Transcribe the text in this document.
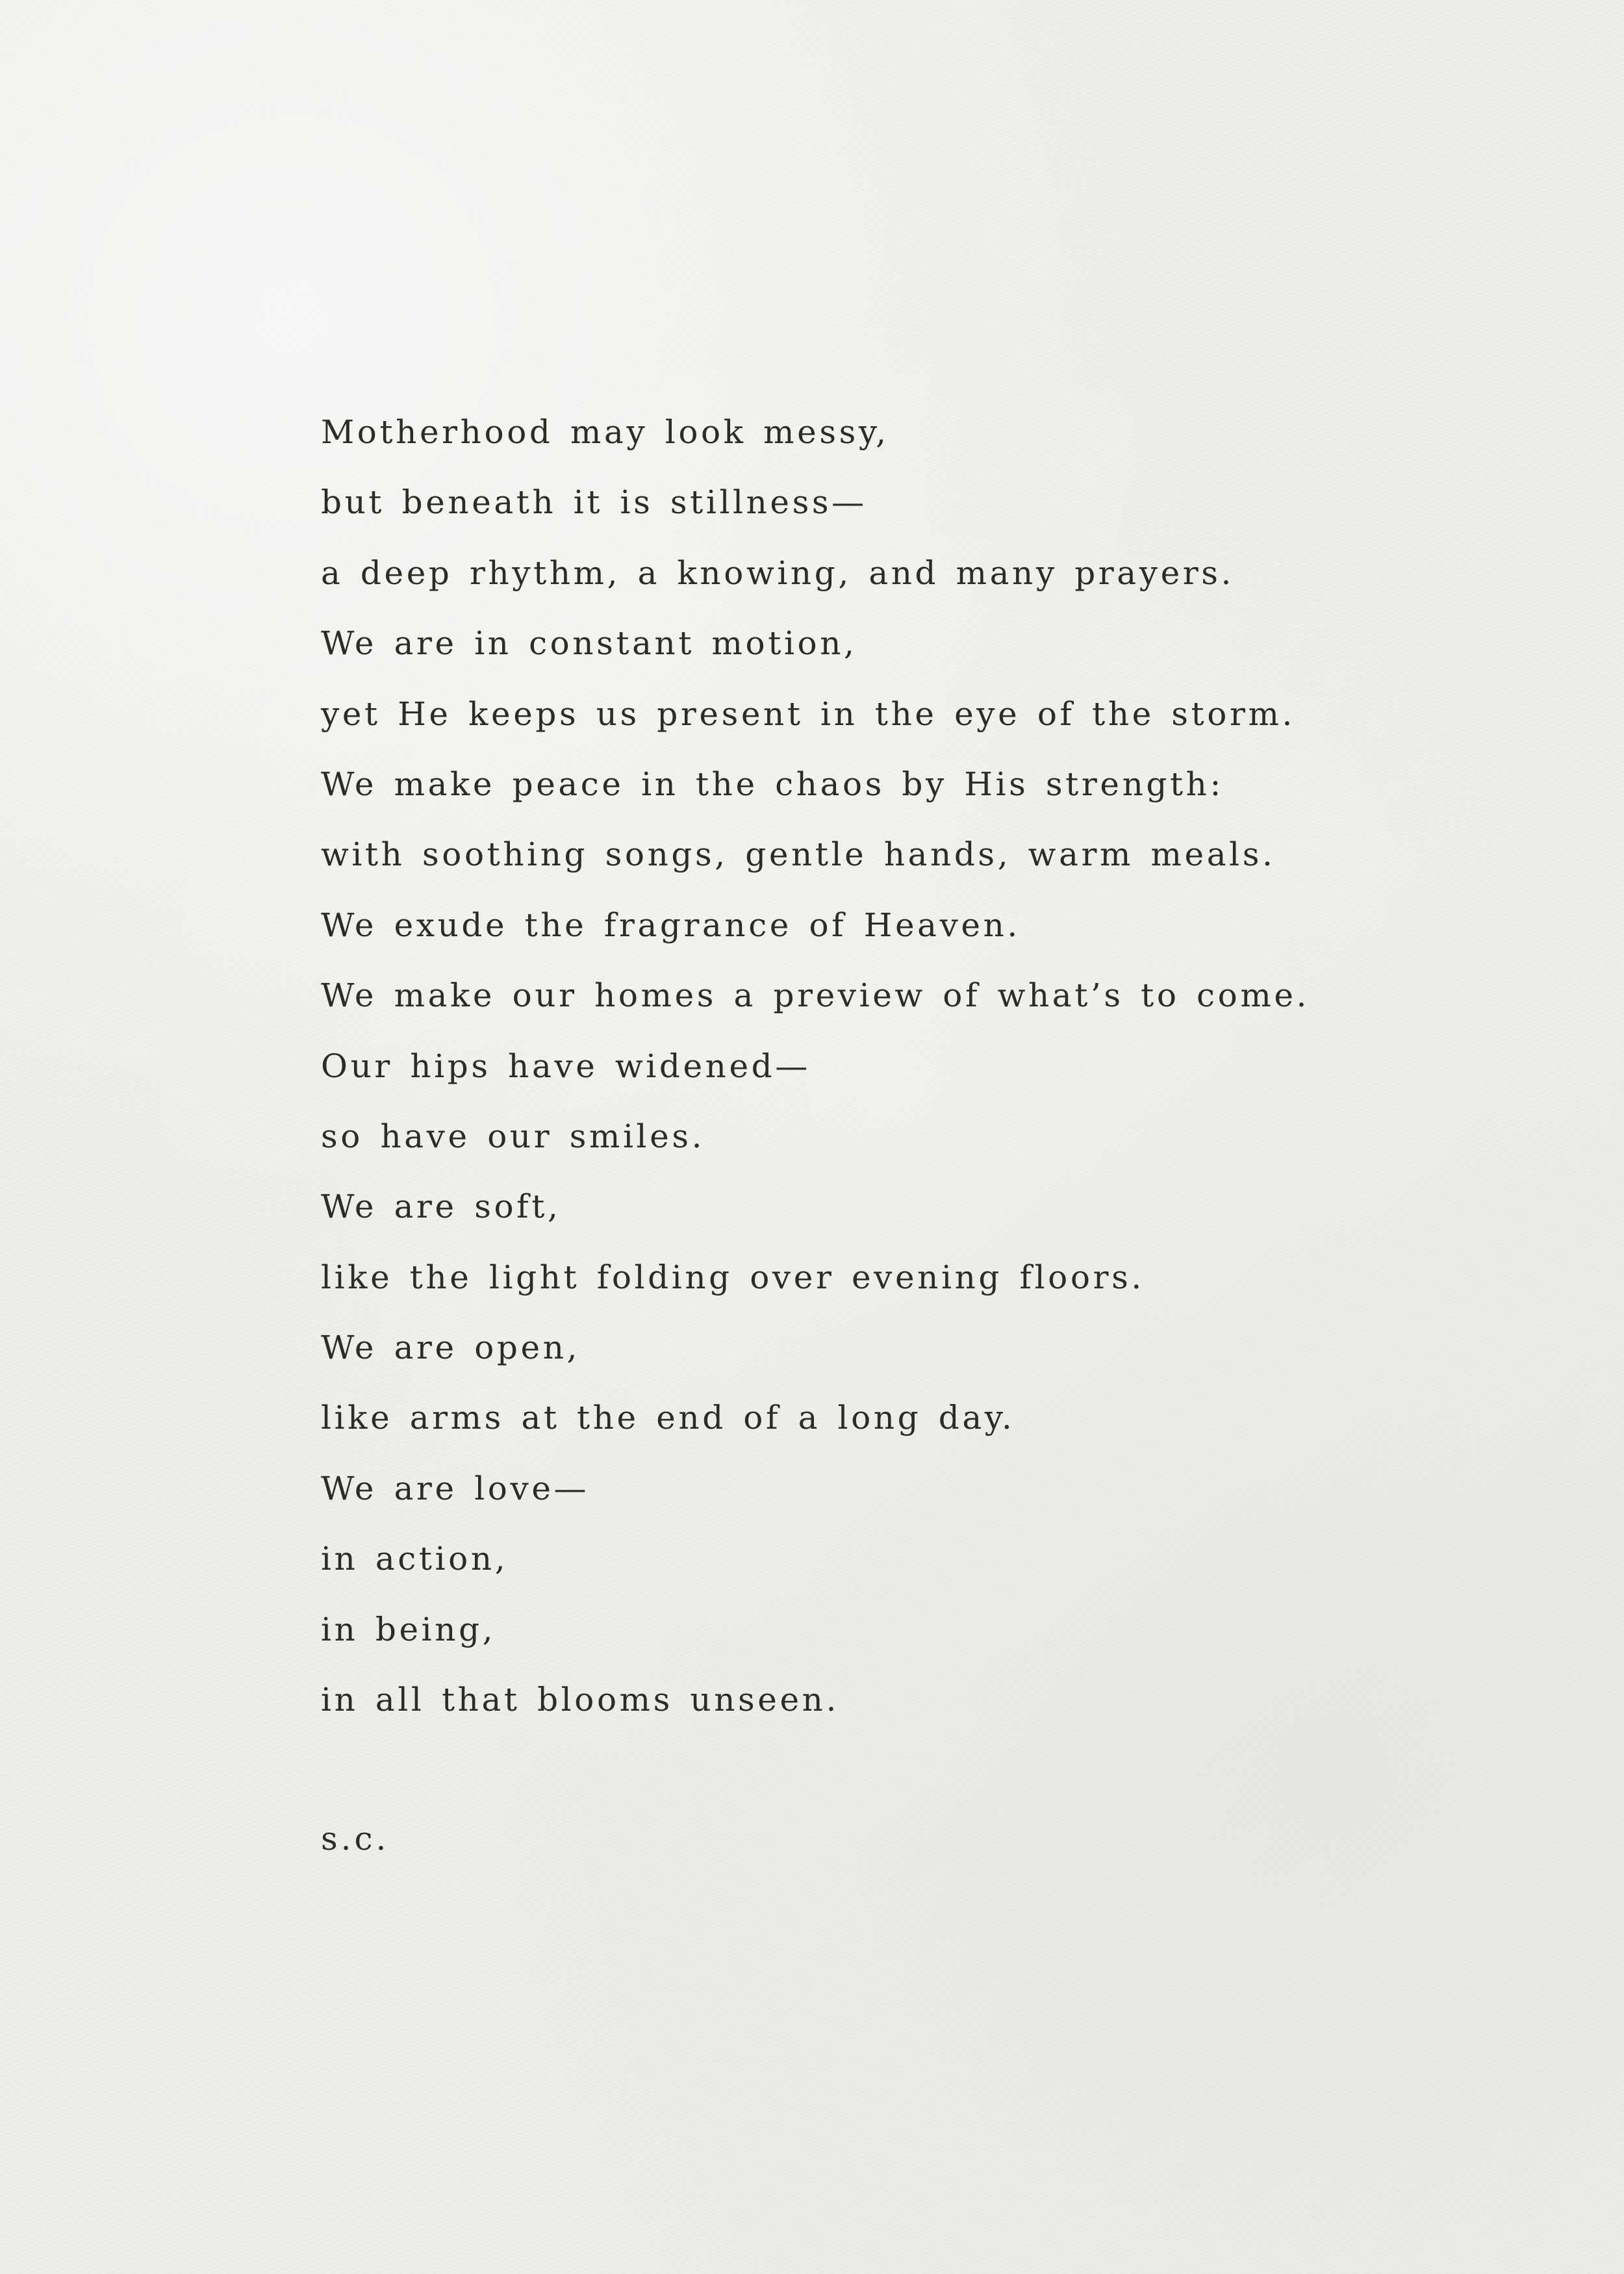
Motherhood may look messy,
but beneath it is stillness—
a deep rhythm, a knowing, and many prayers.
We are in constant motion,
yet He keeps us present in the eye of the storm.
We make peace in the chaos by His strength:
with soothing songs, gentle hands, warm meals.
We exude the fragrance of Heaven.
We make our homes a preview of what’s to come.
Our hips have widened—
so have our smiles.
We are soft,
like the light folding over evening floors.
We are open,
like arms at the end of a long day.
We are love—
in action,
in being,
in all that blooms unseen.

s.c.
